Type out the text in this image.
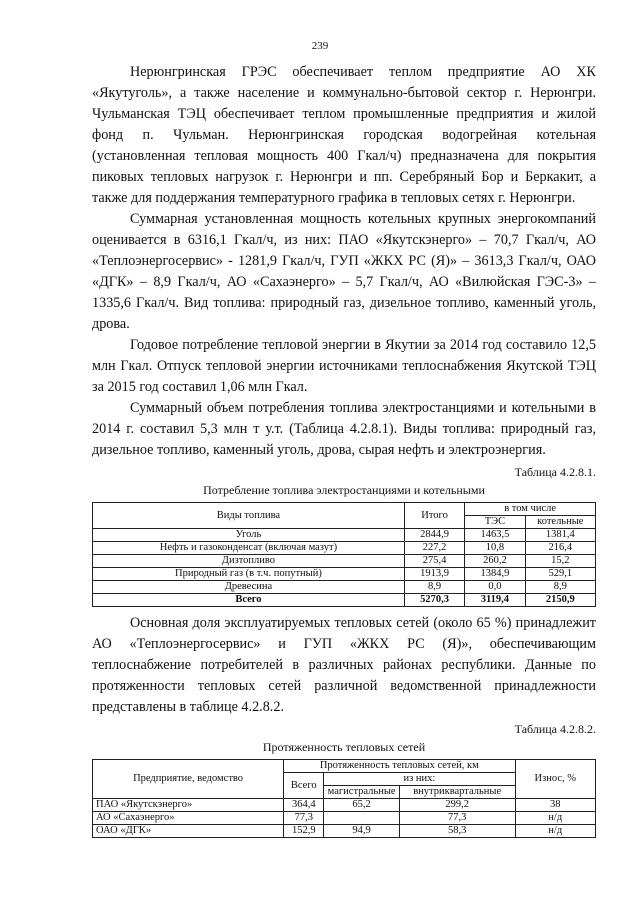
239

Нерюнгринская ГРЭС обеспечивает теплом предприятие АО ХК «Якутуголь», а также население и коммунально-бытовой сектор г. Нерюнгри. Чульманская ТЭЦ обеспечивает теплом промышленные предприятия и жилой фонд п. Чульман. Нерюнгринская городская водогрейная котельная (установленная тепловая мощность 400 Гкал/ч) предназначена для покрытия пиковых тепловых нагрузок г. Нерюнгри и пп. Серебряный Бор и Беркакит, а также для поддержания температурного графика в тепловых сетях г. Нерюнгри.

Суммарная установленная мощность котельных крупных энергокомпаний оценивается в 6316,1 Гкал/ч, из них: ПАО «Якутскэнерго» – 70,7 Гкал/ч, АО «Теплоэнергосервис» - 1281,9 Гкал/ч, ГУП «ЖКХ РС (Я)» – 3613,3 Гкал/ч, ОАО «ДГК» – 8,9 Гкал/ч, АО «Сахаэнерго» – 5,7 Гкал/ч, АО «Вилюйская ГЭС-3» – 1335,6 Гкал/ч. Вид топлива: природный газ, дизельное топливо, каменный уголь, дрова.

Годовое потребление тепловой энергии в Якутии за 2014 год составило 12,5 млн Гкал. Отпуск тепловой энергии источниками теплоснабжения Якутской ТЭЦ за 2015 год составил 1,06 млн Гкал.

Суммарный объем потребления топлива электростанциями и котельными в 2014 г. составил 5,3 млн т у.т. (Таблица 4.2.8.1). Виды топлива: природный газ, дизельное топливо, каменный уголь, дрова, сырая нефть и электроэнергия.

Таблица 4.2.8.1.
Потребление топлива электростанциями и котельными
Виды топлива	Итого	в том числе	
		ТЭС	котельные
Уголь	2844,9	1463,5	1381,4
Нефть и газоконденсат (включая мазут)	227,2	10,8	216,4
Дизтопливо	275,4	260,2	15,2
Природный газ (в т.ч. попутный)	1913,9	1384,9	529,1
Древесина	8,9	0,0	8,9
Всего	5270,3	3119,4	2150,9

Основная доля эксплуатируемых тепловых сетей (около 65 %) принадлежит АО «Теплоэнергосервис» и ГУП «ЖКХ РС (Я)», обеспечивающим теплоснабжение потребителей в различных районах республики. Данные по протяженности тепловых сетей различной ведомственной принадлежности представлены в таблице 4.2.8.2.

Таблица 4.2.8.2.
Протяженность тепловых сетей
Предприятие, ведомство	Протяженность тепловых сетей, км			Износ, %
	Всего	из них:		
		магистральные	внутриквартальные	
ПАО «Якутскэнерго»	364,4	65,2	299,2	38
АО «Сахаэнерго»	77,3		77,3	н/д
ОАО «ДГК»	152,9	94,9	58,3	н/д
